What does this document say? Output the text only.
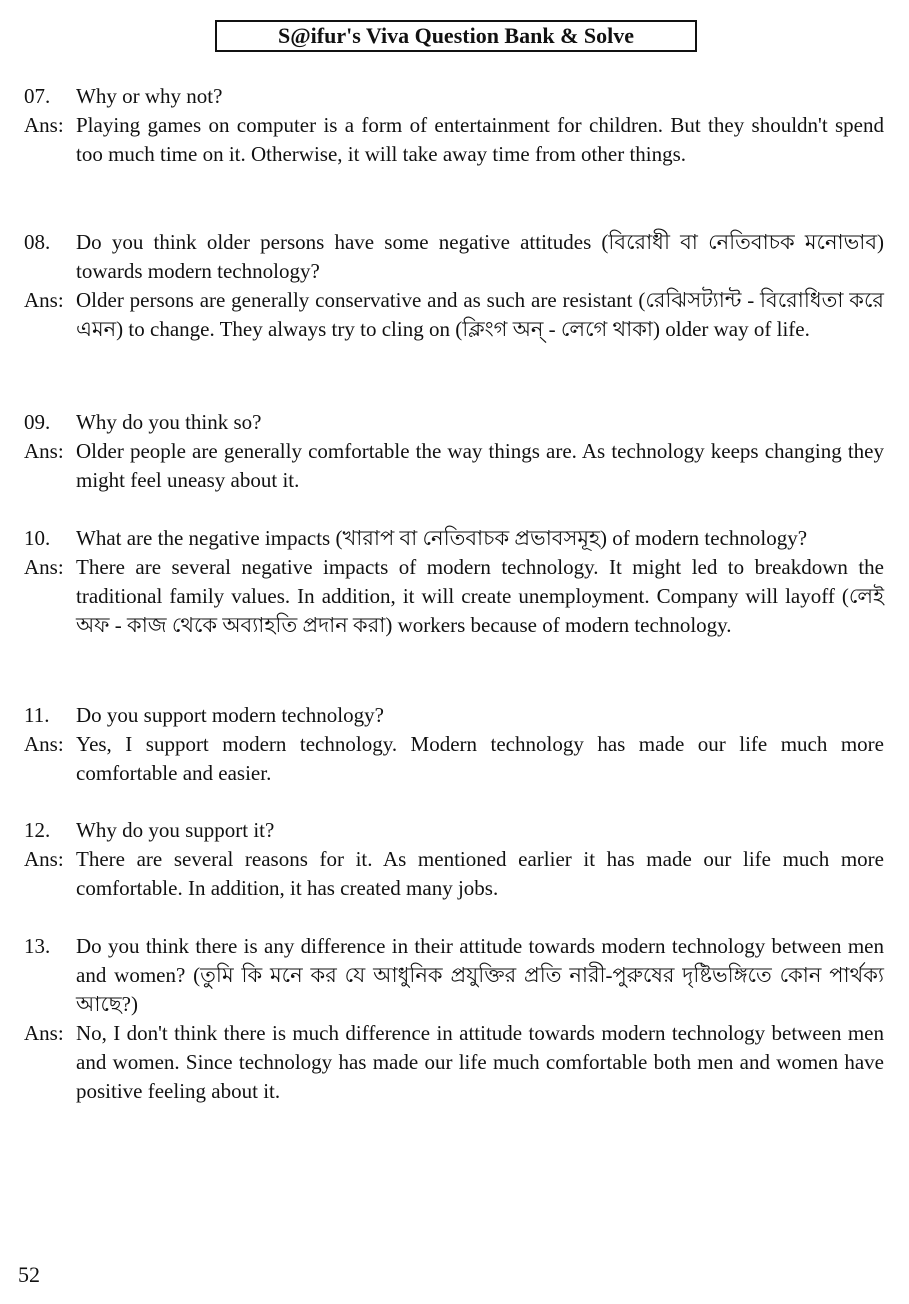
S@ifur's Viva Question Bank & Solve
07.	Why or why not?
Ans: Playing games on computer is a form of entertainment for children. But they shouldn't spend too much time on it. Otherwise, it will take away time from other things.
08.	Do you think older persons have some negative attitudes (বিরোধী বা নেতিবাচক মনোভাব) towards modern technology?
Ans: Older persons are generally conservative and as such are resistant (রেঝিসট্যান্ট - বিরোধিতা করে এমন) to change. They always try to cling on (ক্লিংগ অন্ - লেগে থাকা) older way of life.
09.	Why do you think so?
Ans: Older people are generally comfortable the way things are. As technology keeps changing they might feel uneasy about it.
10.	What are the negative impacts (খারাপ বা নেতিবাচক প্রভাবসমূহ) of modern technology?
Ans: There are several negative impacts of modern technology. It might led to breakdown the traditional family values. In addition, it will create unemployment. Company will layoff (লেই অফ - কাজ থেকে অব্যাহতি প্রদান করা) workers because of modern technology.
11.	Do you support modern technology?
Ans: Yes, I support modern technology. Modern technology has made our life much more comfortable and easier.
12.	Why do you support it?
Ans: There are several reasons for it. As mentioned earlier it has made our life much more comfortable. In addition, it has created many jobs.
13.	Do you think there is any difference in their attitude towards modern technology between men and women? (তুমি কি মনে কর যে আধুনিক প্রযুক্তির প্রতি নারী-পুরুষের দৃষ্টিভঙ্গিতে কোন পার্থক্য আছে?)
Ans: No, I don't think there is much difference in attitude towards modern technology between men and women. Since technology has made our life much comfortable both men and women have positive feeling about it.
52
